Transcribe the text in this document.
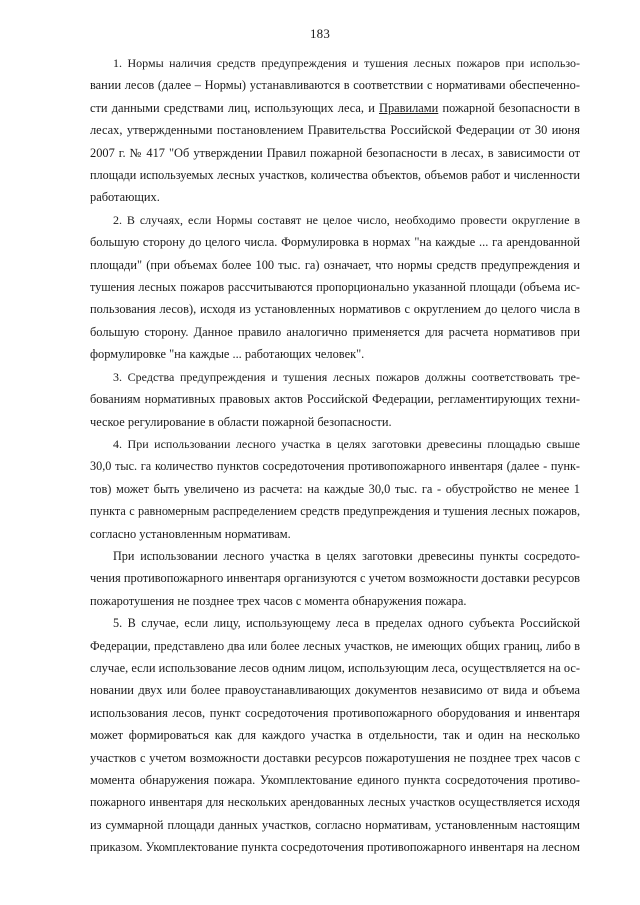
183
1. Нормы наличия средств предупреждения и тушения лесных пожаров при использо-
вании лесов (далее – Нормы) устанавливаются в соответствии с нормативами обеспеченно-
сти данными средствами лиц, использующих леса, и Правилами пожарной безопасности в
лесах, утвержденными постановлением Правительства Российской Федерации от 30 июня
2007 г. № 417 "Об утверждении Правил пожарной безопасности в лесах, в зависимости от
площади используемых лесных участков, количества объектов, объемов работ и численности
работающих.
2. В случаях, если Нормы составят не целое число, необходимо провести округление в
большую сторону до целого числа. Формулировка в нормах "на каждые ... га арендованной
площади" (при объемах более 100 тыс. га) означает, что нормы средств предупреждения и
тушения лесных пожаров рассчитываются пропорционально указанной площади (объема ис-
пользования лесов), исходя из установленных нормативов с округлением до целого числа в
большую сторону. Данное правило аналогично применяется для расчета нормативов при
формулировке "на каждые ... работающих человек".
3. Средства предупреждения и тушения лесных пожаров должны соответствовать тре-
бованиям нормативных правовых актов Российской Федерации, регламентирующих техни-
ческое регулирование в области пожарной безопасности.
4. При использовании лесного участка в целях заготовки древесины площадью свыше
30,0 тыс. га количество пунктов сосредоточения противопожарного инвентаря (далее - пунк-
тов) может быть увеличено из расчета: на каждые 30,0 тыс. га - обустройство не менее 1
пункта с равномерным распределением средств предупреждения и тушения лесных пожаров,
согласно установленным нормативам.
При использовании лесного участка в целях заготовки древесины пункты сосредото-
чения противопожарного инвентаря организуются с учетом возможности доставки ресурсов
пожаротушения не позднее трех часов с момента обнаружения пожара.
5. В случае, если лицу, использующему леса в пределах одного субъекта Российской
Федерации, представлено два или более лесных участков, не имеющих общих границ, либо в
случае, если использование лесов одним лицом, использующим леса, осуществляется на ос-
новании двух или более правоустанавливающих документов независимо от вида и объема
использования лесов, пункт сосредоточения противопожарного оборудования и инвентаря
может формироваться как для каждого участка в отдельности, так и один на несколько
участков с учетом возможности доставки ресурсов пожаротушения не позднее трех часов с
момента обнаружения пожара. Укомплектование единого пункта сосредоточения противо-
пожарного инвентаря для нескольких арендованных лесных участков осуществляется исходя
из суммарной площади данных участков, согласно нормативам, установленным настоящим
приказом. Укомплектование пункта сосредоточения противопожарного инвентаря на лесном
